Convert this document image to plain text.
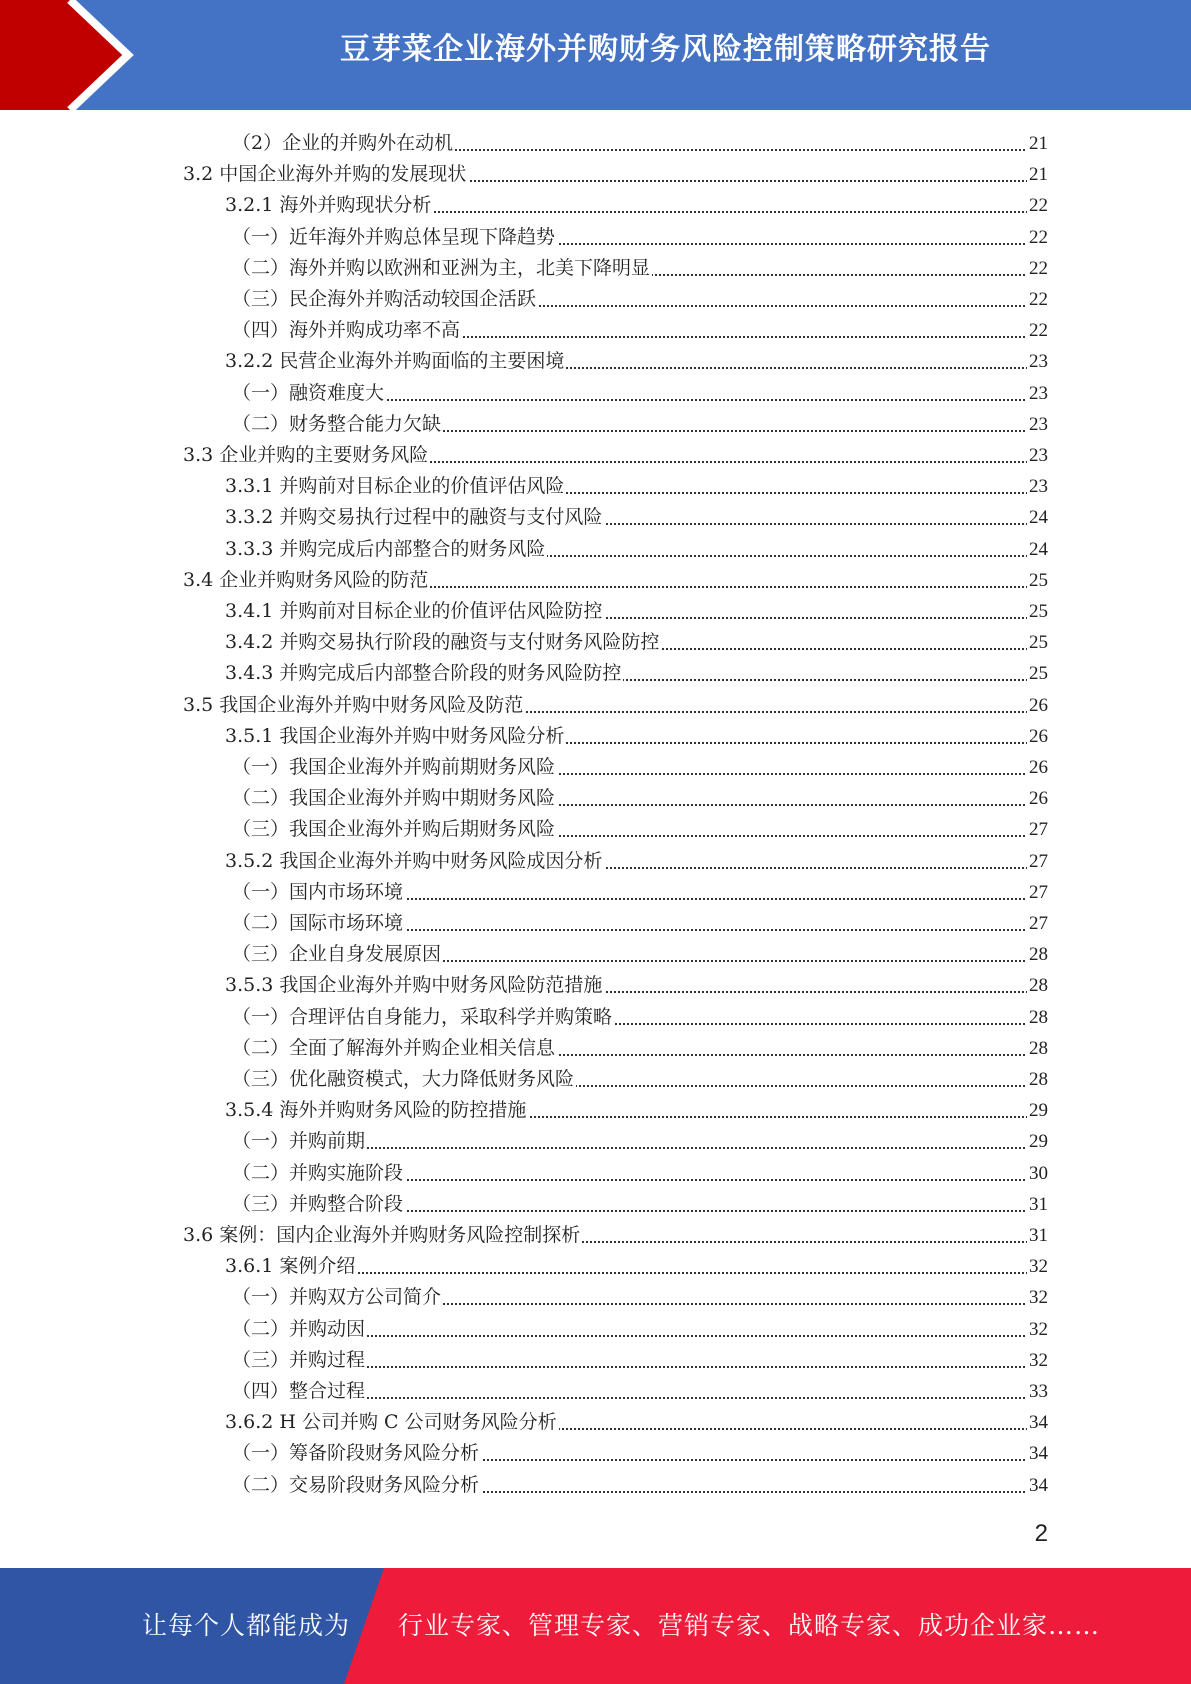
豆芽菜企业海外并购财务风险控制策略研究报告
（2）企业的并购外在动机	21
3.2 中国企业海外并购的发展现状	21
3.2.1 海外并购现状分析	22
（一）近年海外并购总体呈现下降趋势	22
（二）海外并购以欧洲和亚洲为主，北美下降明显	22
（三）民企海外并购活动较国企活跃	22
（四）海外并购成功率不高	22
3.2.2 民营企业海外并购面临的主要困境	23
（一）融资难度大	23
（二）财务整合能力欠缺	23
3.3 企业并购的主要财务风险	23
3.3.1 并购前对目标企业的价值评估风险	23
3.3.2 并购交易执行过程中的融资与支付风险	24
3.3.3 并购完成后内部整合的财务风险	24
3.4 企业并购财务风险的防范	25
3.4.1 并购前对目标企业的价值评估风险防控	25
3.4.2 并购交易执行阶段的融资与支付财务风险防控	25
3.4.3 并购完成后内部整合阶段的财务风险防控	25
3.5 我国企业海外并购中财务风险及防范	26
3.5.1 我国企业海外并购中财务风险分析	26
（一）我国企业海外并购前期财务风险	26
（二）我国企业海外并购中期财务风险	26
（三）我国企业海外并购后期财务风险	27
3.5.2 我国企业海外并购中财务风险成因分析	27
（一）国内市场环境	27
（二）国际市场环境	27
（三）企业自身发展原因	28
3.5.3 我国企业海外并购中财务风险防范措施	28
（一）合理评估自身能力，采取科学并购策略	28
（二）全面了解海外并购企业相关信息	28
（三）优化融资模式，大力降低财务风险	28
3.5.4 海外并购财务风险的防控措施	29
（一）并购前期	29
（二）并购实施阶段	30
（三）并购整合阶段	31
3.6 案例：国内企业海外并购财务风险控制探析	31
3.6.1 案例介绍	32
（一）并购双方公司简介	32
（二）并购动因	32
（三）并购过程	32
（四）整合过程	33
3.6.2 H 公司并购 C 公司财务风险分析	34
（一）筹备阶段财务风险分析	34
（二）交易阶段财务风险分析	34
2
让每个人都能成为 行业专家、管理专家、营销专家、战略专家、成功企业家……
